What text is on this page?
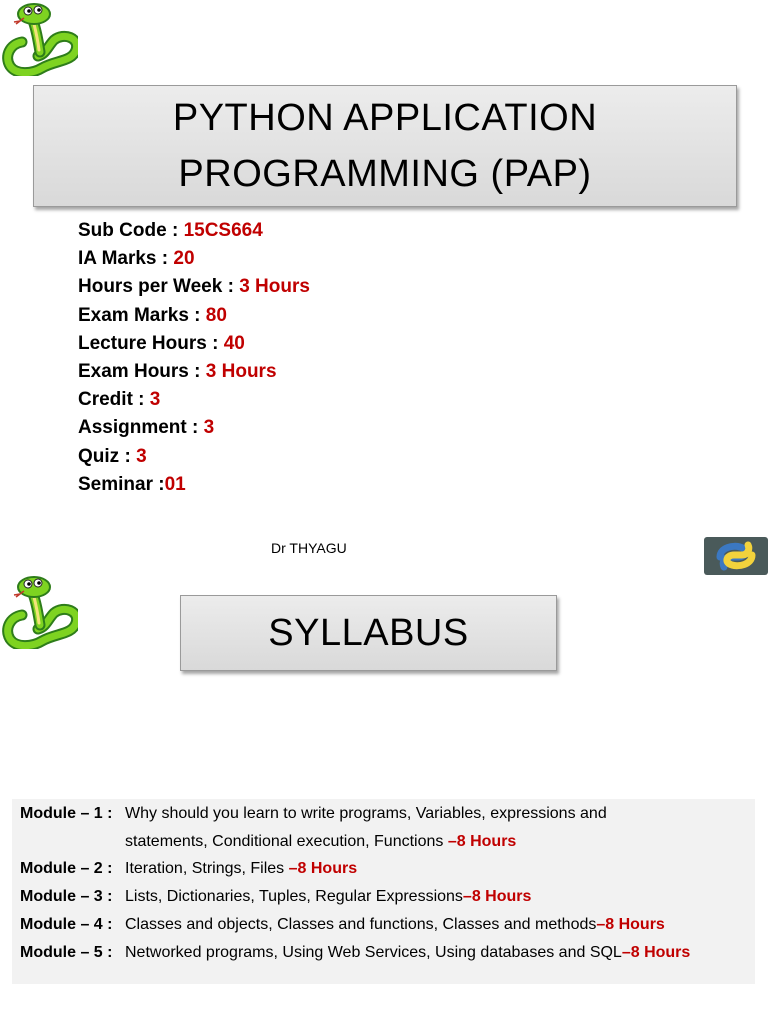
PYTHON APPLICATION
PROGRAMMING (PAP)
Sub Code : 15CS664
IA Marks : 20
Hours per Week : 3 Hours
Exam Marks : 80
Lecture Hours : 40
Exam Hours : 3 Hours
Credit : 3
Assignment : 3
Quiz : 3
Seminar :01
Dr THYAGU
SYLLABUS
Module – 1 : Why should you learn to write programs, Variables, expressions and
statements, Conditional execution, Functions –8 Hours
Module – 2 : Iteration, Strings, Files –8 Hours
Module – 3 : Lists, Dictionaries, Tuples, Regular Expressions–8 Hours
Module – 4 : Classes and objects, Classes and functions, Classes and methods–8 Hours
Module – 5 : Networked programs, Using Web Services, Using databases and SQL–8 Hours
